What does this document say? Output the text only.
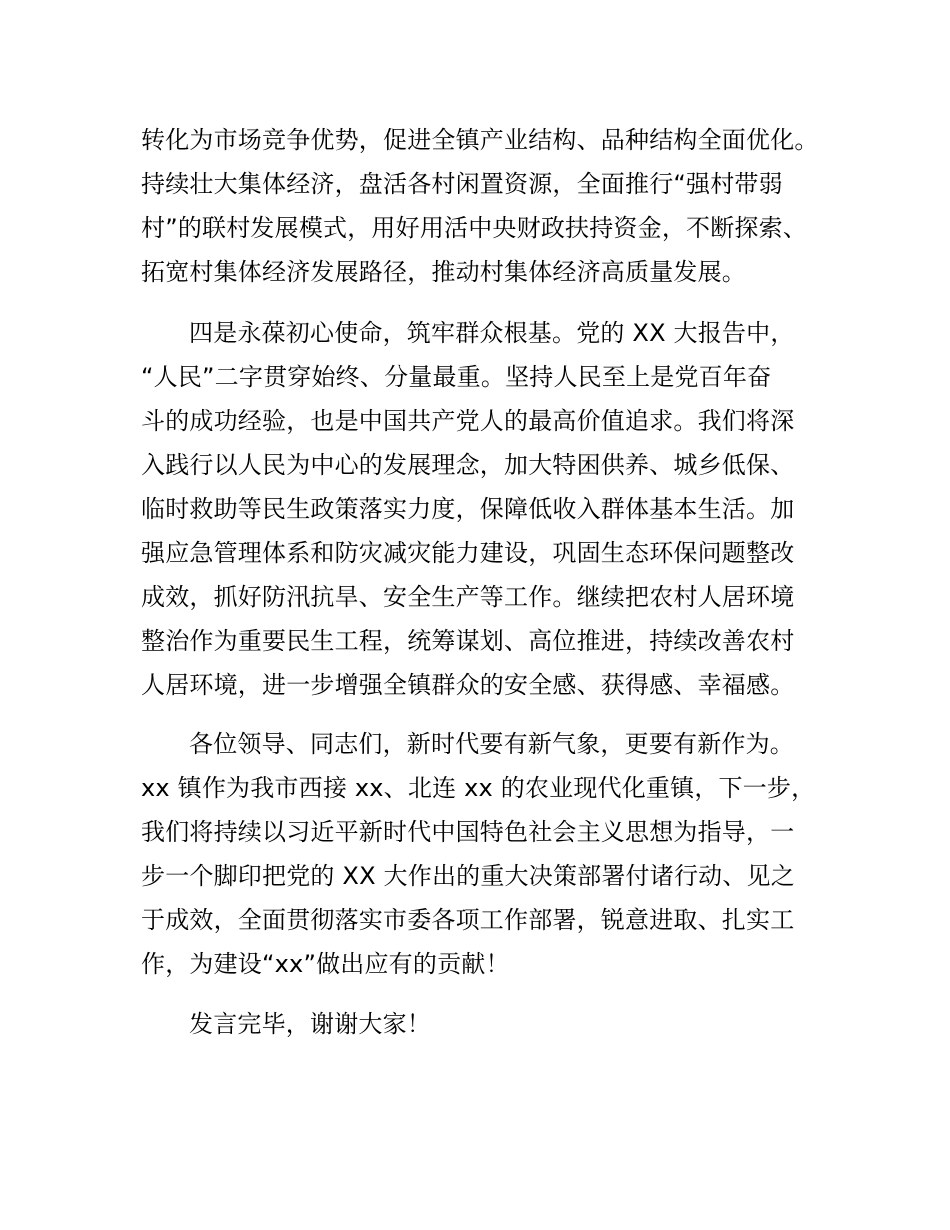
转化为市场竞争优势，促进全镇产业结构、品种结构全面优化。
持续壮大集体经济，盘活各村闲置资源，全面推行“强村带弱
村”的联村发展模式，用好用活中央财政扶持资金，不断探索、
拓宽村集体经济发展路径，推动村集体经济高质量发展。
四是永葆初心使命，筑牢群众根基。党的 XX 大报告中，
“人民”二字贯穿始终、分量最重。坚持人民至上是党百年奋
斗的成功经验，也是中国共产党人的最高价值追求。我们将深
入践行以人民为中心的发展理念，加大特困供养、城乡低保、
临时救助等民生政策落实力度，保障低收入群体基本生活。加
强应急管理体系和防灾减灾能力建设，巩固生态环保问题整改
成效，抓好防汛抗旱、安全生产等工作。继续把农村人居环境
整治作为重要民生工程，统筹谋划、高位推进，持续改善农村
人居环境，进一步增强全镇群众的安全感、获得感、幸福感。
各位领导、同志们，新时代要有新气象，更要有新作为。
xx 镇作为我市西接 xx、北连 xx 的农业现代化重镇，下一步，
我们将持续以习近平新时代中国特色社会主义思想为指导，一
步一个脚印把党的 XX 大作出的重大决策部署付诸行动、见之
于成效，全面贯彻落实市委各项工作部署，锐意进取、扎实工
作，为建设“xx”做出应有的贡献！
发言完毕，谢谢大家！
